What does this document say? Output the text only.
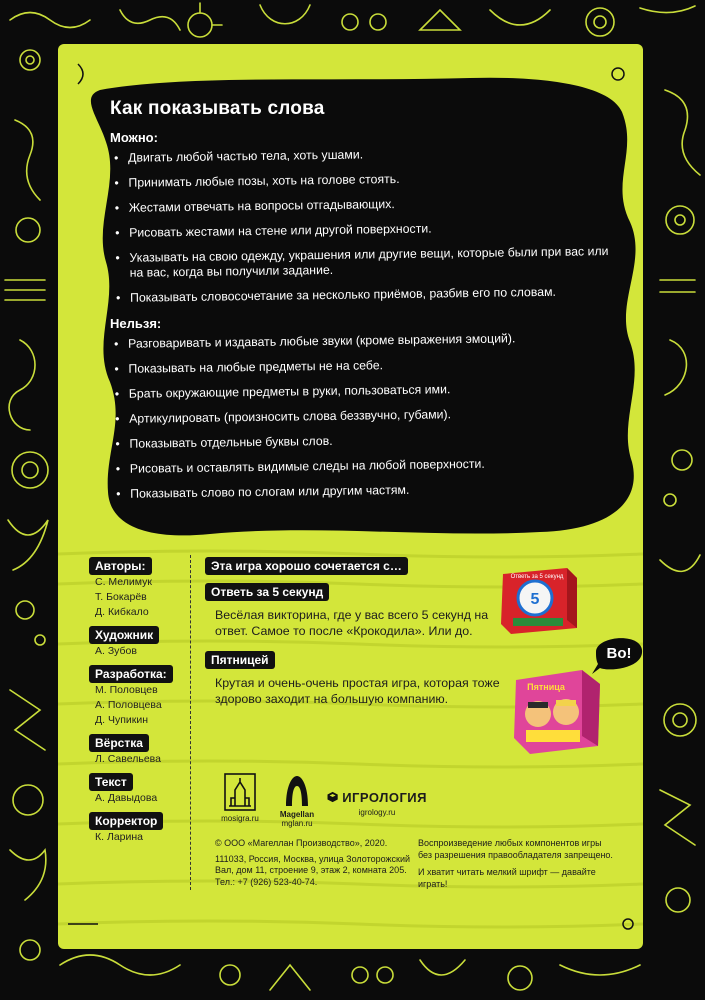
Как показывать слова
Можно:
• Двигать любой частью тела, хоть ушами.
• Принимать любые позы, хоть на голове стоять.
• Жестами отвечать на вопросы отгадывающих.
• Рисовать жестами на стене или другой поверхности.
• Указывать на свою одежду, украшения или другие вещи, которые были при вас или на вас, когда вы получили задание.
• Показывать словосочетание за несколько приёмов, разбив его по словам.
Нельзя:
• Разговаривать и издавать любые звуки (кроме выражения эмоций).
• Показывать на любые предметы не на себе.
• Брать окружающие предметы в руки, пользоваться ими.
• Артикулировать (произносить слова беззвучно, губами).
• Показывать отдельные буквы слов.
• Рисовать и оставлять видимые следы на любой поверхности.
• Показывать слово по слогам или другим частям.
Авторы:
С. Мелимук
Т. Бокарёв
Д. Кибкало
Художник
А. Зубов
Разработка:
М. Половцев
А. Половцева
Д. Чупикин
Вёрстка
Л. Савельева
Текст
А. Давыдова
Корректор
К. Ларина
Эта игра хорошо сочетается с…
Ответь за 5 секунд

Весёлая викторина, где у вас всего 5 секунд на ответ. Самое то после «Крокодила». Или до.

Пятницей

Крутая и очень-очень простая игра, которая тоже здорово заходит на большую компанию.

5
Ответь за 5 секунд
Во!
Пятница
mosigra.ru	Magellan
mglan.ru
ИГРОЛОГИЯ
igrology.ru
© ООО «Магеллан Производство», 2020.
111033, Россия, Москва, улица Золоторожский Вал, дом 11, строение 9, этаж 2, комната 205.
Тел.: +7 (926) 523-40-74.

Воспроизведение любых компонентов игры без разрешения правообладателя запрещено.

И хватит читать мелкий шрифт — давайте играть!
